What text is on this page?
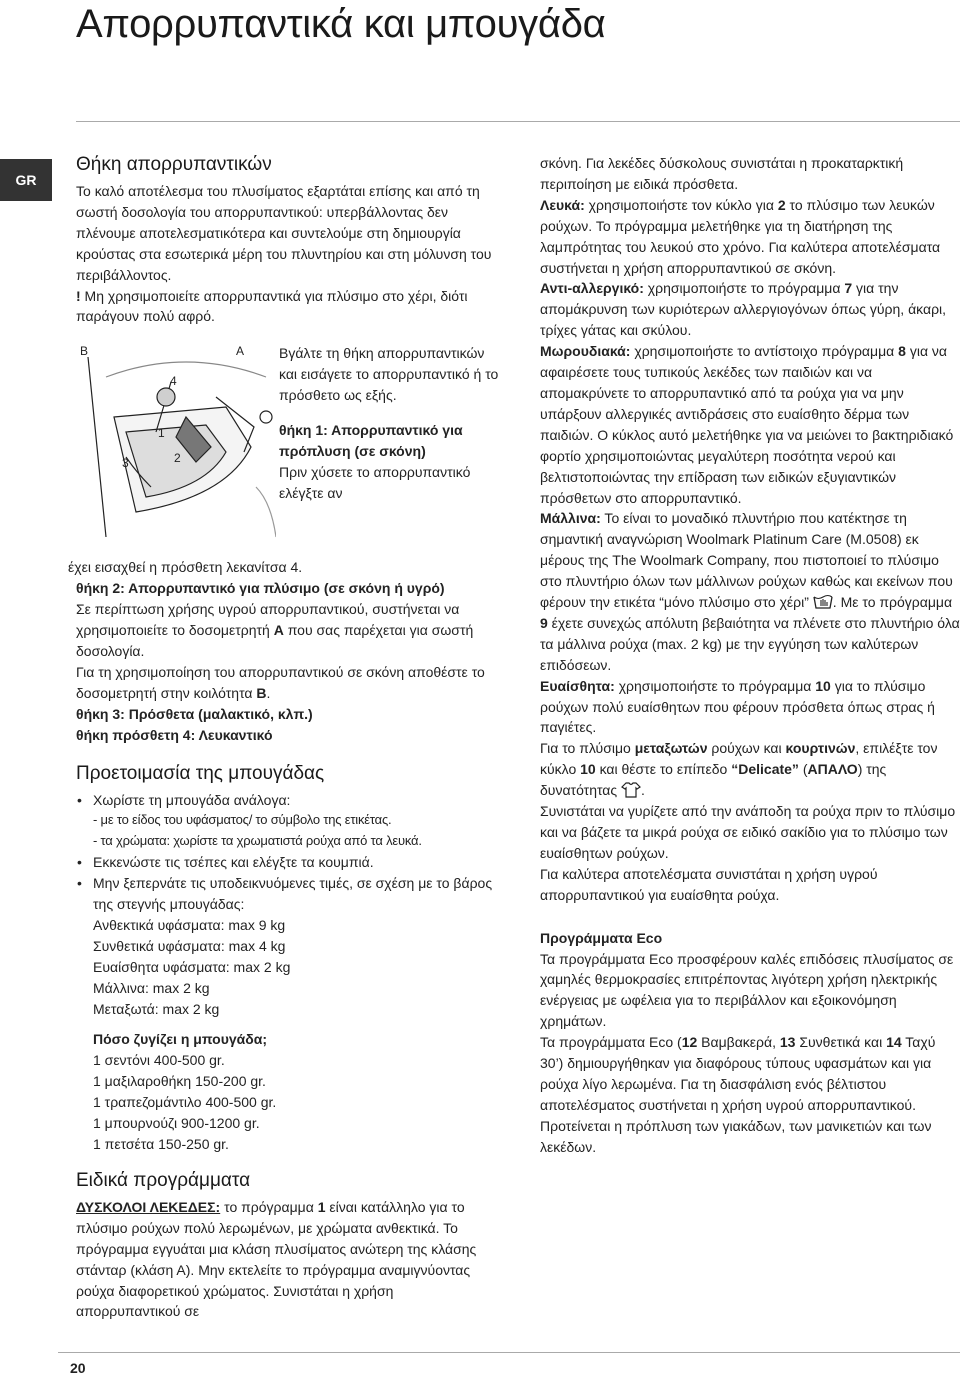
Απορρυπαντικά και μπουγάδα
GR
Θήκη απορρυπαντικών

Το καλό αποτέλεσμα του πλυσίματος εξαρτάται επίσης και από τη σωστή δοσολογία του απορρυπαντικού: υπερβάλλοντας δεν πλένουμε αποτελεσματικότερα και συντελούμε στη δημιουργία κρούστας στα εσωτερικά μέρη του πλυντηρίου και στη μόλυνση του περιβάλλοντος.

! Μη χρησιμοποιείτε απορρυπαντικά για πλύσιμο στο χέρι, διότι παράγουν πολύ αφρό.

B	A
4
1
3	2

Βγάλτε τη θήκη απορρυπαντικών και εισάγετε το απορρυπαντικό ή το πρόσθετο ως εξής.

θήκη 1: Απορρυπαντικό για πρόπλυση (σε σκόνη)

Πριν χύσετε το απορρυπαντικό ελέγξτε αν

έχει εισαχθεί η πρόσθετη λεκανίτσα 4.

θήκη 2: Απορρυπαντικό για πλύσιμο (σε σκόνη ή υγρό)

Σε περίπτωση χρήσης υγρού απορρυπαντικού, συστήνεται να χρησιμοποιείτε το δοσομετρητή A που σας παρέχεται για σωστή δοσολογία.

Για τη χρησιμοποίηση του απορρυπαντικού σε σκόνη αποθέστε το δοσομετρητή στην κοιλότητα B.

θήκη 3: Πρόσθετα (μαλακτικό, κλπ.)

θήκη πρόσθετη 4: Λευκαντικό

Προετοιμασία της μπουγάδας
• Χωρίστε τη μπουγάδα ανάλογα:
- με το είδος του υφάσματος/ το σύμβολο της ετικέτας.
- τα χρώματα: χωρίστε τα χρωματιστά ρούχα από τα λευκά.
• Εκκενώστε τις τσέπες και ελέγξτε τα κουμπιά.
• Μην ξεπερνάτε τις υποδεικνυόμενες τιμές, σε σχέση με το βάρος της στεγνής μπουγάδας:
Ανθεκτικά υφάσματα: max 9 kg
Συνθετικά υφάσματα: max 4 kg
Ευαίσθητα υφάσματα: max 2 kg
Μάλλινα: max 2 kg
Μεταξωτά: max 2 kg

Πόσο ζυγίζει η μπουγάδα;

1 σεντόνι 400-500 gr.

1 μαξιλαροθήκη 150-200 gr.

1 τραπεζομάντιλο 400-500 gr.

1 μπουρνούζι 900-1200 gr.

1 πετσέτα 150-250 gr.

Ειδικά προγράμματα

ΔΥΣΚΟΛΟΙ ΛΕΚΕΔΕΣ: το πρόγραμμα 1 είναι κατάλληλο για το πλύσιμο ρούχων πολύ λερωμένων, με χρώματα ανθεκτικά. Το πρόγραμμα εγγυάται μια κλάση πλυσίματος ανώτερη της κλάσης στάνταρ (κλάση Α). Μην εκτελείτε το πρόγραμμα αναμιγνύοντας ρούχα διαφορετικού χρώματος. Συνιστάται η χρήση απορρυπαντικού σε

σκόνη. Για λεκέδες δύσκολους συνιστάται η προκαταρκτική περιποίηση με ειδικά πρόσθετα.

Λευκά: χρησιμοποιήστε τον κύκλο για 2 το πλύσιμο των λευκών ρούχων. Το πρόγραμμα μελετήθηκε για τη διατήρηση της λαμπρότητας του λευκού στο χρόνο. Για καλύτερα αποτελέσματα συστήνεται η χρήση απορρυπαντικού σε σκόνη.

Αντι-αλλεργικό: χρησιμοποιήστε το πρόγραμμα 7 για την απομάκρυνση των κυριότερων αλλεργιογόνων όπως γύρη, άκαρι, τρίχες γάτας και σκύλου.

Μωρουδιακά: χρησιμοποιήστε το αντίστοιχο πρόγραμμα 8 για να αφαιρέσετε τους τυπικούς λεκέδες των παιδιών και να απομακρύνετε το απορρυπαντικό από τα ρούχα για να μην υπάρξουν αλλεργικές αντιδράσεις στο ευαίσθητο δέρμα των παιδιών. Ο κύκλος αυτό μελετήθηκε για να μειώνει το βακτηριδιακό φορτίο χρησιμοποιώντας μεγαλύτερη ποσότητα νερού και βελτιστοποιώντας την επίδραση των ειδικών εξυγιαντικών πρόσθετων στο απορρυπαντικό.

Μάλλινα: Το είναι το μοναδικό πλυντήριο που κατέκτησε τη σημαντική αναγνώριση Woolmark Platinum Care (M.0508) εκ μέρους της The Woolmark Company, που πιστοποιεί το πλύσιμο στο πλυντήριο όλων των μάλλινων ρούχων καθώς και εκείνων που φέρουν την ετικέτα “μόνο πλύσιμο στο χέρι” . Με το πρόγραμμα 9 έχετε συνεχώς απόλυτη βεβαιότητα να πλένετε στο πλυντήριο όλα τα μάλλινα ρούχα (max. 2 kg) με την εγγύηση των καλύτερων επιδόσεων.

Ευαίσθητα: χρησιμοποιήστε το πρόγραμμα 10 για το πλύσιμο ρούχων πολύ ευαίσθητων που φέρουν πρόσθετα όπως στρας ή παγιέτες.

Για το πλύσιμο μεταξωτών ρούχων και κουρτινών, επιλέξτε τον κύκλο 10 και θέστε το επίπεδο “Delicate” (ΑΠΑΛΟ) της δυνατότητας .

Συνιστάται να γυρίζετε από την ανάποδη τα ρούχα πριν το πλύσιμο και να βάζετε τα μικρά ρούχα σε ειδικό σακίδιο για το πλύσιμο των ευαίσθητων ρούχων.

Για καλύτερα αποτελέσματα συνιστάται η χρήση υγρού απορρυπαντικού για ευαίσθητα ρούχα.

Προγράμματα Eco

Τα προγράμματα Eco προσφέρουν καλές επιδόσεις πλυσίματος σε χαμηλές θερμοκρασίες επιτρέποντας λιγότερη χρήση ηλεκτρικής ενέργειας με ωφέλεια για το περιβάλλον και εξοικονόμηση χρημάτων.

Τα προγράμματα Eco (12 Βαμβακερά, 13 Συνθετικά και 14 Ταχύ 30’) δημιουργήθηκαν για διαφόρους τύπους υφασμάτων και για ρούχα λίγο λερωμένα. Για τη διασφάλιση ενός βέλτιστου αποτελέσματος συστήνεται η χρήση υγρού απορρυπαντικού. Προτείνεται η πρόπλυση των γιακάδων, των μανικετιών και των λεκέδων.

20
